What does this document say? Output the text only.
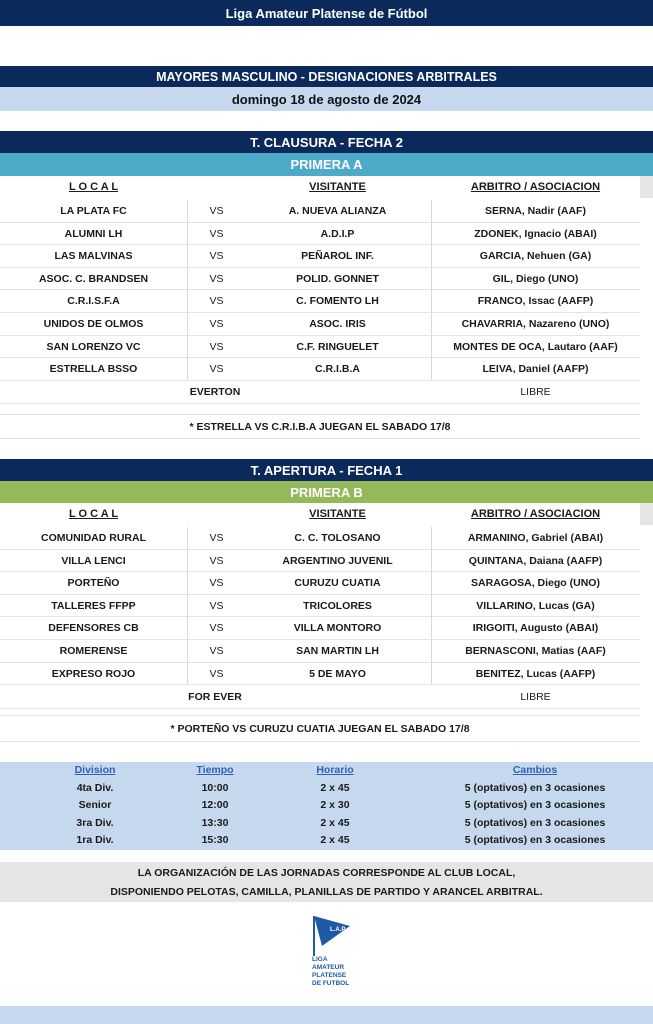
Liga Amateur Platense de Fútbol
MAYORES MASCULINO - DESIGNACIONES ARBITRALES
domingo 18 de agosto de 2024
T. CLAUSURA - FECHA 2
PRIMERA A
L O C A L	VISITANTE	ARBITRO / ASOCIACION
LA PLATA FC	VS	A. NUEVA ALIANZA	SERNA, Nadir (AAF)
ALUMNI LH	VS	A.D.I.P	ZDONEK, Ignacio (ABAI)
LAS MALVINAS	VS	PEÑAROL INF.	GARCIA, Nehuen (GA)
ASOC. C. BRANDSEN	VS	POLID. GONNET	GIL, Diego (UNO)
C.R.I.S.F.A	VS	C. FOMENTO LH	FRANCO, Issac (AAFP)
UNIDOS DE OLMOS	VS	ASOC. IRIS	CHAVARRIA, Nazareno (UNO)
SAN LORENZO VC	VS	C.F. RINGUELET	MONTES DE OCA, Lautaro (AAF)
ESTRELLA BSSO	VS	C.R.I.B.A	LEIVA, Daniel (AAFP)
EVERTON	LIBRE
* ESTRELLA VS C.R.I.B.A JUEGAN EL SABADO 17/8
T. APERTURA - FECHA 1
PRIMERA B
L O C A L	VISITANTE	ARBITRO / ASOCIACION
COMUNIDAD RURAL	VS	C. C. TOLOSANO	ARMANINO, Gabriel (ABAI)
VILLA LENCI	VS	ARGENTINO JUVENIL	QUINTANA, Daiana (AAFP)
PORTEÑO	VS	CURUZU CUATIA	SARAGOSA, Diego (UNO)
TALLERES FFPP	VS	TRICOLORES	VILLARINO, Lucas (GA)
DEFENSORES CB	VS	VILLA MONTORO	IRIGOITI, Augusto (ABAI)
ROMERENSE	VS	SAN MARTIN LH	BERNASCONI, Matias (AAF)
EXPRESO ROJO	VS	5 DE MAYO	BENITEZ, Lucas (AAFP)
FOR EVER	LIBRE
* PORTEÑO VS CURUZU CUATIA JUEGAN EL SABADO 17/8
Division	Tiempo	Horario	Cambios
4ta Div.	10:00	2 x 45	5 (optativos) en 3 ocasiones
Senior	12:00	2 x 30	5 (optativos) en 3 ocasiones
3ra Div.	13:30	2 x 45	5 (optativos) en 3 ocasiones
1ra Div.	15:30	2 x 45	5 (optativos) en 3 ocasiones
LA ORGANIZACIÓN DE LAS JORNADAS CORRESPONDE AL CLUB LOCAL,
DISPONIENDO PELOTAS, CAMILLA, PLANILLAS DE PARTIDO Y ARANCEL ARBITRAL.
L.A.P
LIGA
AMATEUR
PLATENSE
DE FUTBOL
